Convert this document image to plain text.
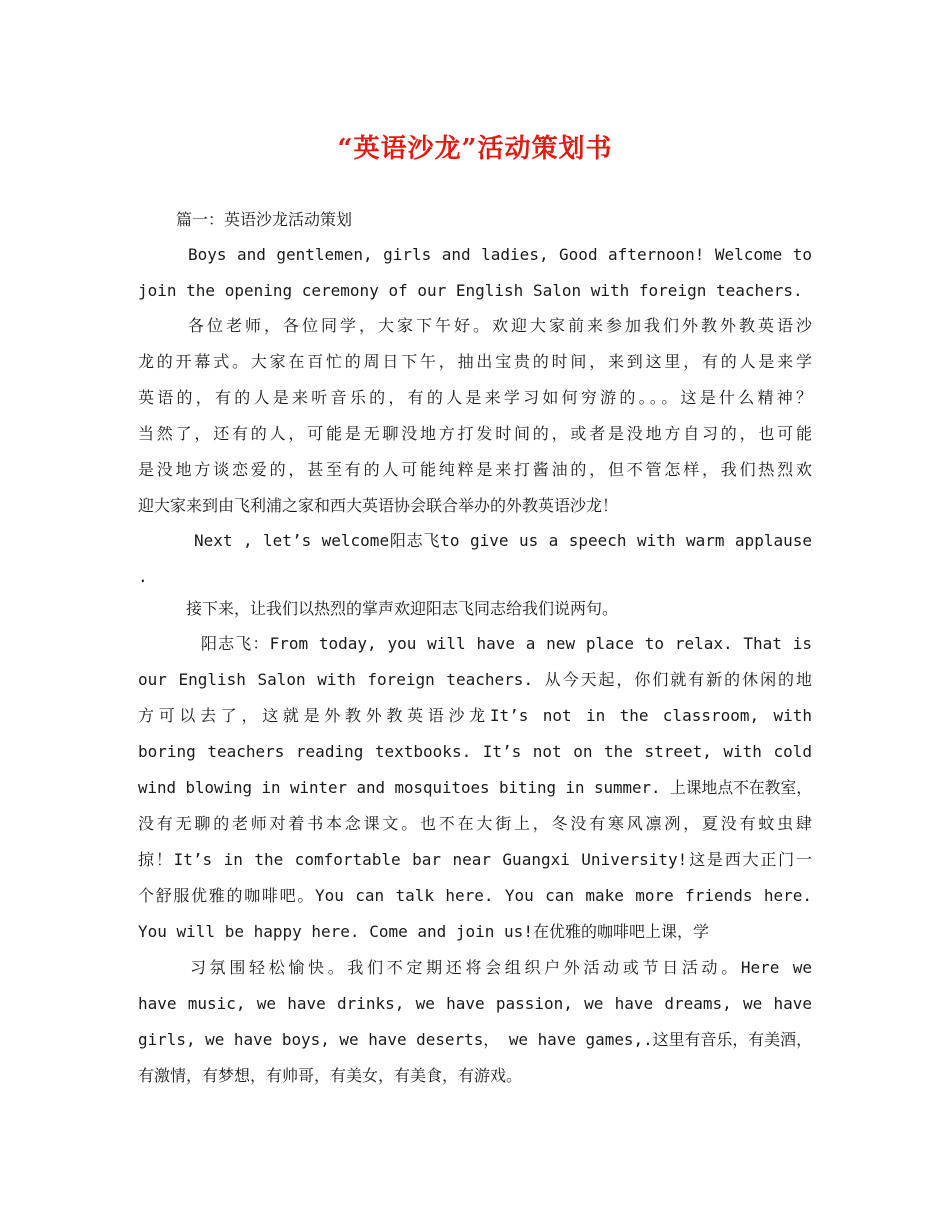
“英语沙龙”活动策划书
篇一：英语沙龙活动策划
Boys and gentlemen, girls and ladies, Good afternoon! Welcome to
join the opening ceremony of our English Salon with foreign teachers.
各位老师，各位同学，大家下午好。欢迎大家前来参加我们外教外教英语沙
龙的开幕式。大家在百忙的周日下午，抽出宝贵的时间，来到这里，有的人是来学
英语的，有的人是来听音乐的，有的人是来学习如何穷游的。。。这是什么精神？
当然了，还有的人，可能是无聊没地方打发时间的，或者是没地方自习的，也可能
是没地方谈恋爱的，甚至有的人可能纯粹是来打酱油的，但不管怎样，我们热烈欢
迎大家来到由飞利浦之家和西大英语协会联合举办的外教英语沙龙！
Next , let’s welcome阳志飞to give us a speech with warm applause
.
接下来，让我们以热烈的掌声欢迎阳志飞同志给我们说两句。
阳志飞：From today, you will have a new place to relax. That is
our English Salon with foreign teachers. 从今天起，你们就有新的休闲的地
方可以去了，这就是外教外教英语沙龙It’s not in the classroom, with
boring teachers reading textbooks. It’s not on the street, with cold
wind blowing in winter and mosquitoes biting in summer. 上课地点不在教室，
没有无聊的老师对着书本念课文。也不在大街上，冬没有寒风凛冽，夏没有蚊虫肆
掠！It’s in the comfortable bar near Guangxi University!这是西大正门一
个舒服优雅的咖啡吧。You can talk here. You can make more friends here.
You will be happy here. Come and join us!在优雅的咖啡吧上课，学
习氛围轻松愉快。我们不定期还将会组织户外活动或节日活动。Here we
have music, we have drinks, we have passion, we have dreams, we have
girls, we have boys, we have deserts， we have games,.这里有音乐，有美酒，
有激情，有梦想，有帅哥，有美女，有美食，有游戏。
